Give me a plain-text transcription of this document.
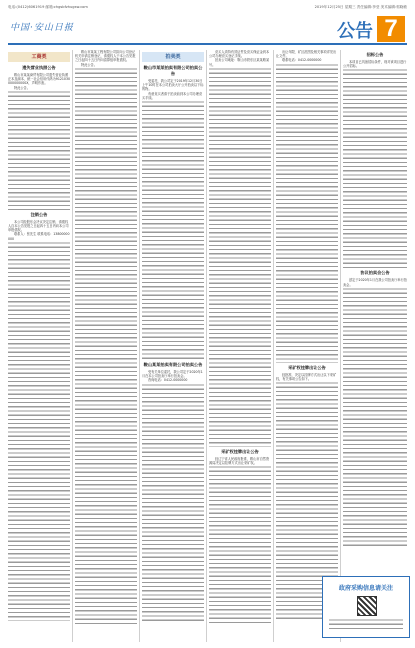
电话:(0412)6061919 邮箱:chgsbfzhugsw.com	2019年12月25日 星期三 责任编辑:李莹 美术编辑:郭晓敏
中国·安山日报	公告 7
工商类
遗失营业执照公告

鞍山市某某商贸有限公司遗失营业执照正本及副本，统一社会信用代码为9121030000000000X，声明作废。

特此公告。

注销公告

本公司经股东会决议决定注销，请债权人自本公告见报之日起四十五日内向本公司申报债权。

联系人：张先生 联系电话：13800000000

鞍山市某某工程有限公司拟向公司登记机关申请注销登记，请债权人于本公告见报之日起四十五日内向清算组申报债权。

特此公告。

拍卖类
鞍山市某某拍卖有限公司拍卖公告

受委托，我公司定于2019年12月30日上午10时在本公司拍卖大厅公开拍卖以下标的物。

有意竞买者请于拍卖前到本公司办理竞买手续。

鞍山某某拍卖有限公司拍卖公告

受有关单位委托，我公司定于2020年1月在本公司拍卖厅举行拍卖会。

咨询电话：0412-0000000

竞买人须持有效证件及竞买保证金到本公司办理竞买登记手续。

拍卖公司地址：鞍山市铁东区某某路某号。

采矿权挂牌出让公告

经辽宁省人民政府批准，鞍山市自然资源局决定以挂牌方式出让采矿权。

出让年限、矿区范围及相关事项详见出让文件。

联系电话：0412-0000000

采矿权挂牌出让公告

经批准，决定以挂牌方式出让以下采矿权，有关事项公告如下。

招标公告

本项目已具备招标条件，现对该项目进行公开招标。

协议拍卖会公告

兹定于2020年1月在我公司拍卖厅举行拍卖会。

政府采购信息请关注
